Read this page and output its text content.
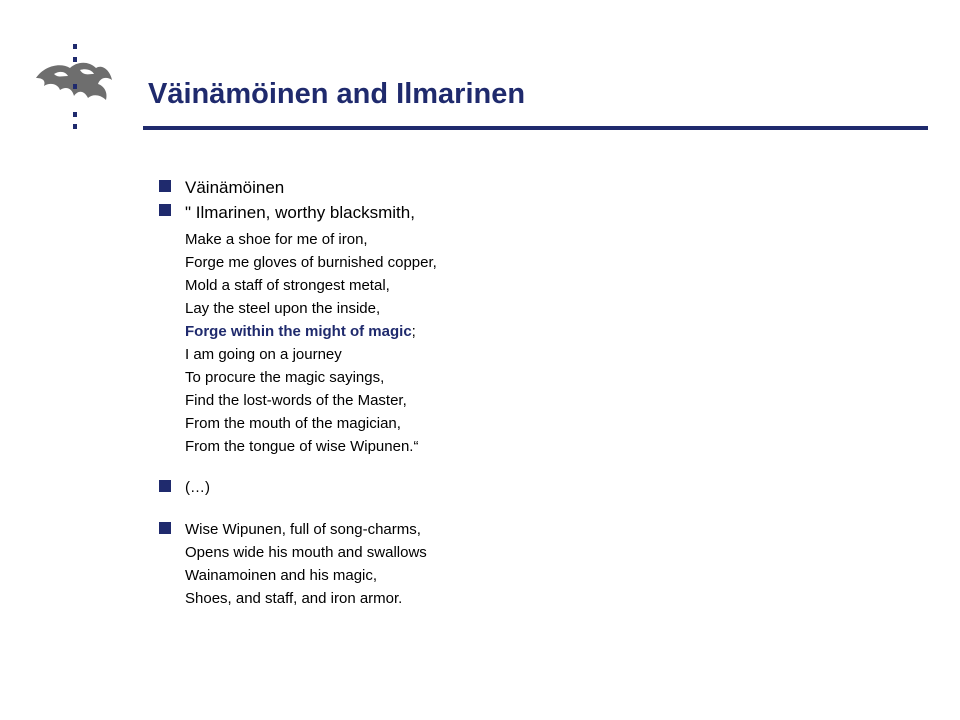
Väinämöinen and Ilmarinen
Väinämöinen
" Ilmarinen, worthy blacksmith,
Make a shoe for me of iron,
Forge me gloves of burnished copper,
Mold a staff of strongest metal,
Lay the steel upon the inside,
Forge within the might of magic;
I am going on a journey
To procure the magic sayings,
Find the lost-words of the Master,
From the mouth of the magician,
From the tongue of wise Wipunen.“
(…)
Wise Wipunen, full of song-charms,
Opens wide his mouth and swallows
Wainamoinen and his magic,
Shoes, and staff, and iron armor.
